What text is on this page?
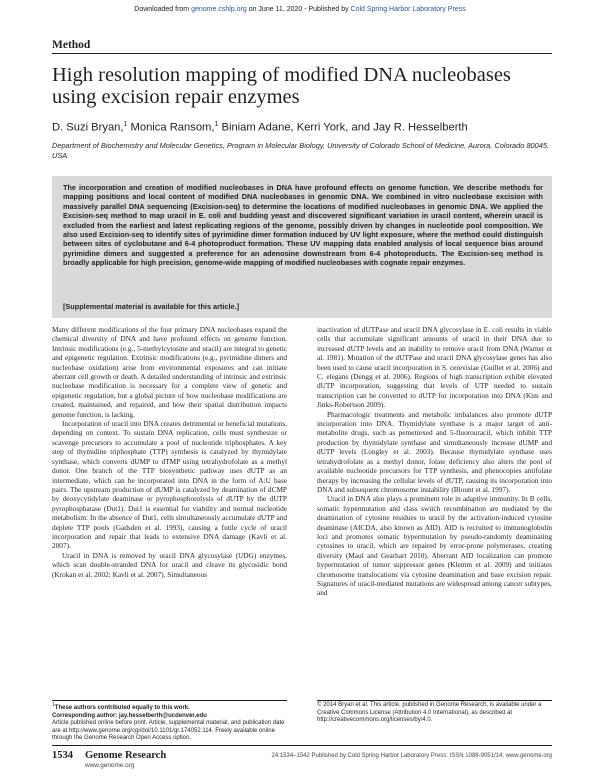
Downloaded from genome.cshlp.org on June 11, 2020 - Published by Cold Spring Harbor Laboratory Press
Method
High resolution mapping of modified DNA nucleobases using excision repair enzymes
D. Suzi Bryan,$^1$ Monica Ransom,$^1$ Biniam Adane, Kerri York, and Jay R. Hesselberth
Department of Biochemistry and Molecular Genetics, Program in Molecular Biology, University of Colorado School of Medicine, Aurora, Colorado 80045, USA
The incorporation and creation of modified nucleobases in DNA have profound effects on genome function. We describe methods for mapping positions and local content of modified DNA nucleobases in genomic DNA. We combined in vitro nucleobase excision with massively parallel DNA sequencing (Excision-seq) to determine the locations of modified nucleobases in genomic DNA. We applied the Excision-seq method to map uracil in E. coli and budding yeast and discovered significant variation in uracil content, wherein uracil is excluded from the earliest and latest replicating regions of the genome, possibly driven by changes in nucleotide pool composition. We also used Excision-seq to identify sites of pyrimidine dimer formation induced by UV light exposure, where the method could distinguish between sites of cyclobutane and 6-4 photoproduct formation. These UV mapping data enabled analysis of local sequence bias around pyrimidine dimers and suggested a preference for an adenosine downstream from 6-4 photoproducts. The Excision-seq method is broadly applicable for high precision, genome-wide mapping of modified nucleobases with cognate repair enzymes.
[Supplemental material is available for this article.]

Many different modifications of the four primary DNA nucleobases expand the chemical diversity of DNA and have profound effects on genome function. Intrinsic modifications (e.g., 5-methylcytosine and uracil) are integral to genetic and epigenetic regulation. Extrinsic modifications (e.g., pyrimidine dimers and nucleobase oxidation) arise from environmental exposures and can initiate aberrant cell growth or death. A detailed understanding of intrinsic and extrinsic nucleobase modification is necessary for a complete view of genetic and epigenetic regulation, but a global picture of how nucleobase modifications are created, maintained, and repaired, and how their spatial distribution impacts genome function, is lacking.

Incorporation of uracil into DNA creates detrimental or beneficial mutations, depending on context. To sustain DNA replication, cells must synthesize or scavenge precursors to accumulate a pool of nucleotide triphosphates. A key step of thymidine triphosphate (TTP) synthesis is catalyzed by thymidylate synthase, which converts dUMP to dTMP using tetrahydrofolate as a methyl donor. One branch of the TTP biosynthetic pathway uses dUTP as an intermediate, which can be incorporated into DNA in the form of A:U base pairs. The upstream production of dUMP is catalyzed by deamination of dCMP by deoxycytidylate deaminase or pyrophosphorolysis of dUTP by the dUTP pyrophosphatase (Dut1). Dut1 is essential for viability and normal nucleotide metabolism: In the absence of Dut1, cells simultaneously accumulate dUTP and deplete TTP pools (Gadsden et al. 1993), causing a futile cycle of uracil incorporation and repair that leads to extensive DNA damage (Kavli et al. 2007).

Uracil in DNA is removed by uracil DNA glycosylase (UDG) enzymes, which scan double-stranded DNA for uracil and cleave its glycosidic bond (Krokan et al. 2002; Kavli et al. 2007). Simultaneous

inactivation of dUTPase and uracil DNA glycosylase in E. coli results in viable cells that accumulate significant amounts of uracil in their DNA due to increased dUTP levels and an inability to remove uracil from DNA (Warner et al. 1981). Mutation of the dUTPase and uracil DNA glycosylase genes has also been used to cause uracil incorporation in S. cerevisiae (Guillet et al. 2006) and C. elegans (Dengg et al. 2006). Regions of high transcription exhibit elevated dUTP incorporation, suggesting that levels of UTP needed to sustain transcription can be converted to dUTP for incorporation into DNA (Kim and Jinks-Robertson 2009).

Pharmacologic treatments and metabolic imbalances also promote dUTP incorporation into DNA. Thymidylate synthase is a major target of anti-metabolite drugs, such as pemetrexed and 5-fluorouracil, which inhibit TTP production by thymidylate synthase and simultaneously increase dUMP and dUTP levels (Longley et al. 2003). Because thymidylate synthase uses tetrahydrofolate as a methyl donor, folate deficiency also alters the pool of available nucleotide precursors for TTP synthesis, and phenocopies antifolate therapy by increasing the cellular levels of dUTP, causing its incorporation into DNA and subsequent chromosome instability (Blount et al. 1997).

Uracil in DNA also plays a prominent role in adaptive immunity. In B cells, somatic hypermutation and class switch recombination are mediated by the deamination of cytosine residues to uracil by the activation-induced cytosine deaminase (AICDA, also known as AID). AID is recruited to immunoglobulin loci and promotes somatic hypermutation by pseudo-randomly deaminating cytosines to uracil, which are repaired by error-prone polymerases, creating diversity (Maul and Gearhart 2010). Aberrant AID localization can promote hypermutation of tumor suppressor genes (Klemm et al. 2009) and initiates chromosome translocations via cytosine deamination and base excision repair. Signatures of uracil-mediated mutations are widespread among cancer subtypes, and

$^1$These authors contributed equally to this work.

Corresponding author: jay.hesselberth@ucdenver.edu

Article published online before print. Article, supplemental material, and publication date are at http://www.genome.org/cgi/doi/10.1101/gr.174052.114. Freely available online through the Genome Research Open Access option.

© 2014 Bryan et al. This article, published in Genome Research, is available under a Creative Commons License (Attribution 4.0 International), as described at http://creativecommons.org/licenses/by/4.0.
1534 Genome Research
www.genome.org
24:1534–1542 Published by Cold Spring Harbor Laboratory Press; ISSN 1088-9051/14; www.genome.org
